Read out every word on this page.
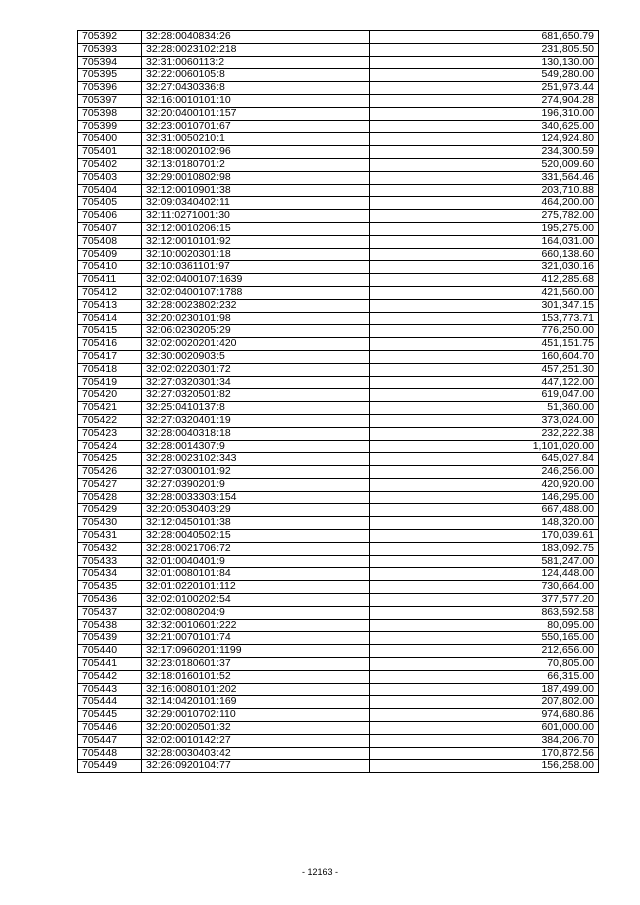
705392	32:28:0040834:26	681,650.79
705393	32:28:0023102:218	231,805.50
705394	32:31:0060113:2	130,130.00
705395	32:22:0060105:8	549,280.00
705396	32:27:0430336:8	251,973.44
705397	32:16:0010101:10	274,904.28
705398	32:20:0400101:157	196,310.00
705399	32:23:0010701:67	340,625.00
705400	32:31:0050210:1	124,924.80
705401	32:18:0020102:96	234,300.59
705402	32:13:0180701:2	520,009.60
705403	32:29:0010802:98	331,564.46
705404	32:12:0010901:38	203,710.88
705405	32:09:0340402:11	464,200.00
705406	32:11:0271001:30	275,782.00
705407	32:12:0010206:15	195,275.00
705408	32:12:0010101:92	164,031.00
705409	32:10:0020301:18	660,138.60
705410	32:10:0361101:97	321,030.16
705411	32:02:0400107:1639	412,285.68
705412	32:02:0400107:1788	421,560.00
705413	32:28:0023802:232	301,347.15
705414	32:20:0230101:98	153,773.71
705415	32:06:0230205:29	776,250.00
705416	32:02:0020201:420	451,151.75
705417	32:30:0020903:5	160,604.70
705418	32:02:0220301:72	457,251.30
705419	32:27:0320301:34	447,122.00
705420	32:27:0320501:82	619,047.00
705421	32:25:0410137:8	51,360.00
705422	32:27:0320401:19	373,024.00
705423	32:28:0040318:18	232,222.38
705424	32:28:0014307:9	1,101,020.00
705425	32:28:0023102:343	645,027.84
705426	32:27:0300101:92	246,256.00
705427	32:27:0390201:9	420,920.00
705428	32:28:0033303:154	146,295.00
705429	32:20:0530403:29	667,488.00
705430	32:12:0450101:38	148,320.00
705431	32:28:0040502:15	170,039.61
705432	32:28:0021706:72	183,092.75
705433	32:01:0040401:9	581,247.00
705434	32:01:0080101:84	124,448.00
705435	32:01:0220101:112	730,664.00
705436	32:02:0100202:54	377,577.20
705437	32:02:0080204:9	863,592.58
705438	32:32:0010601:222	80,095.00
705439	32:21:0070101:74	550,165.00
705440	32:17:0960201:1199	212,656.00
705441	32:23:0180601:37	70,805.00
705442	32:18:0160101:52	66,315.00
705443	32:16:0080101:202	187,499.00
705444	32:14:0420101:169	207,802.00
705445	32:29:0010702:110	974,680.86
705446	32:20:0020501:32	601,000.00
705447	32:02:0010142:27	384,206.70
705448	32:28:0030403:42	170,872.56
705449	32:26:0920104:77	156,258.00
- 12163 -
